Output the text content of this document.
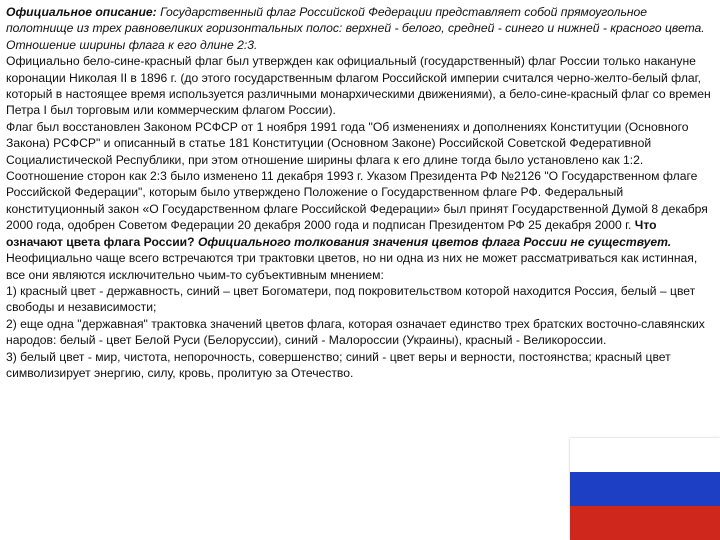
Официальное описание: Государственный флаг Российской Федерации представляет собой прямоугольное полотнище из трех равновеликих горизонтальных полос: верхней - белого, средней - синего и нижней - красного цвета. Отношение ширины флага к его длине 2:3.

Официально бело-сине-красный флаг был утвержден как официальный (государственный) флаг России только накануне коронации Николая II в 1896 г. (до этого государственным флагом Российской империи считался черно-желто-белый флаг, который в настоящее время используется различными монархическими движениями), а бело-сине-красный флаг со времен Петра I был торговым или коммерческим флагом России).

Флаг был восстановлен Законом РСФСР от 1 ноября 1991 года "Об изменениях и дополнениях Конституции (Основного Закона) РСФСР" и описанный в статье 181 Конституции (Основном Законе) Российской Советской Федеративной Социалистической Республики, при этом отношение ширины флага к его длине тогда было установлено как 1:2. Соотношение сторон как 2:3 было изменено 11 декабря 1993 г. Указом Президента РФ №2126 "О Государственном флаге Российской Федерации", которым было утверждено Положение о Государственном флаге РФ. Федеральный конституционный закон «О Государственном флаге Российской Федерации» был принят Государственной Думой 8 декабря 2000 года, одобрен Советом Федерации 20 декабря 2000 года и подписан Президентом РФ 25 декабря 2000 г. Что означают цвета флага России? Официального толкования значения цветов флага России не существует. Неофициально чаще всего встречаются три трактовки цветов, но ни одна из них не может рассматриваться как истинная, все они являются исключительно чьим-то субъективным мнением:

1) красный цвет - державность, синий – цвет Богоматери, под покровительством которой находится Россия, белый – цвет свободы и независимости;

2) еще одна "державная" трактовка значений цветов флага, которая означает единство трех братских восточно-славянских народов: белый - цвет Белой Руси (Белоруссии), синий - Малороссии (Украины), красный - Великороссии.

3) белый цвет - мир, чистота, непорочность, совершенство; синий - цвет веры и верности, постоянства; красный цвет символизирует энергию, силу, кровь, пролитую за Отечество.
